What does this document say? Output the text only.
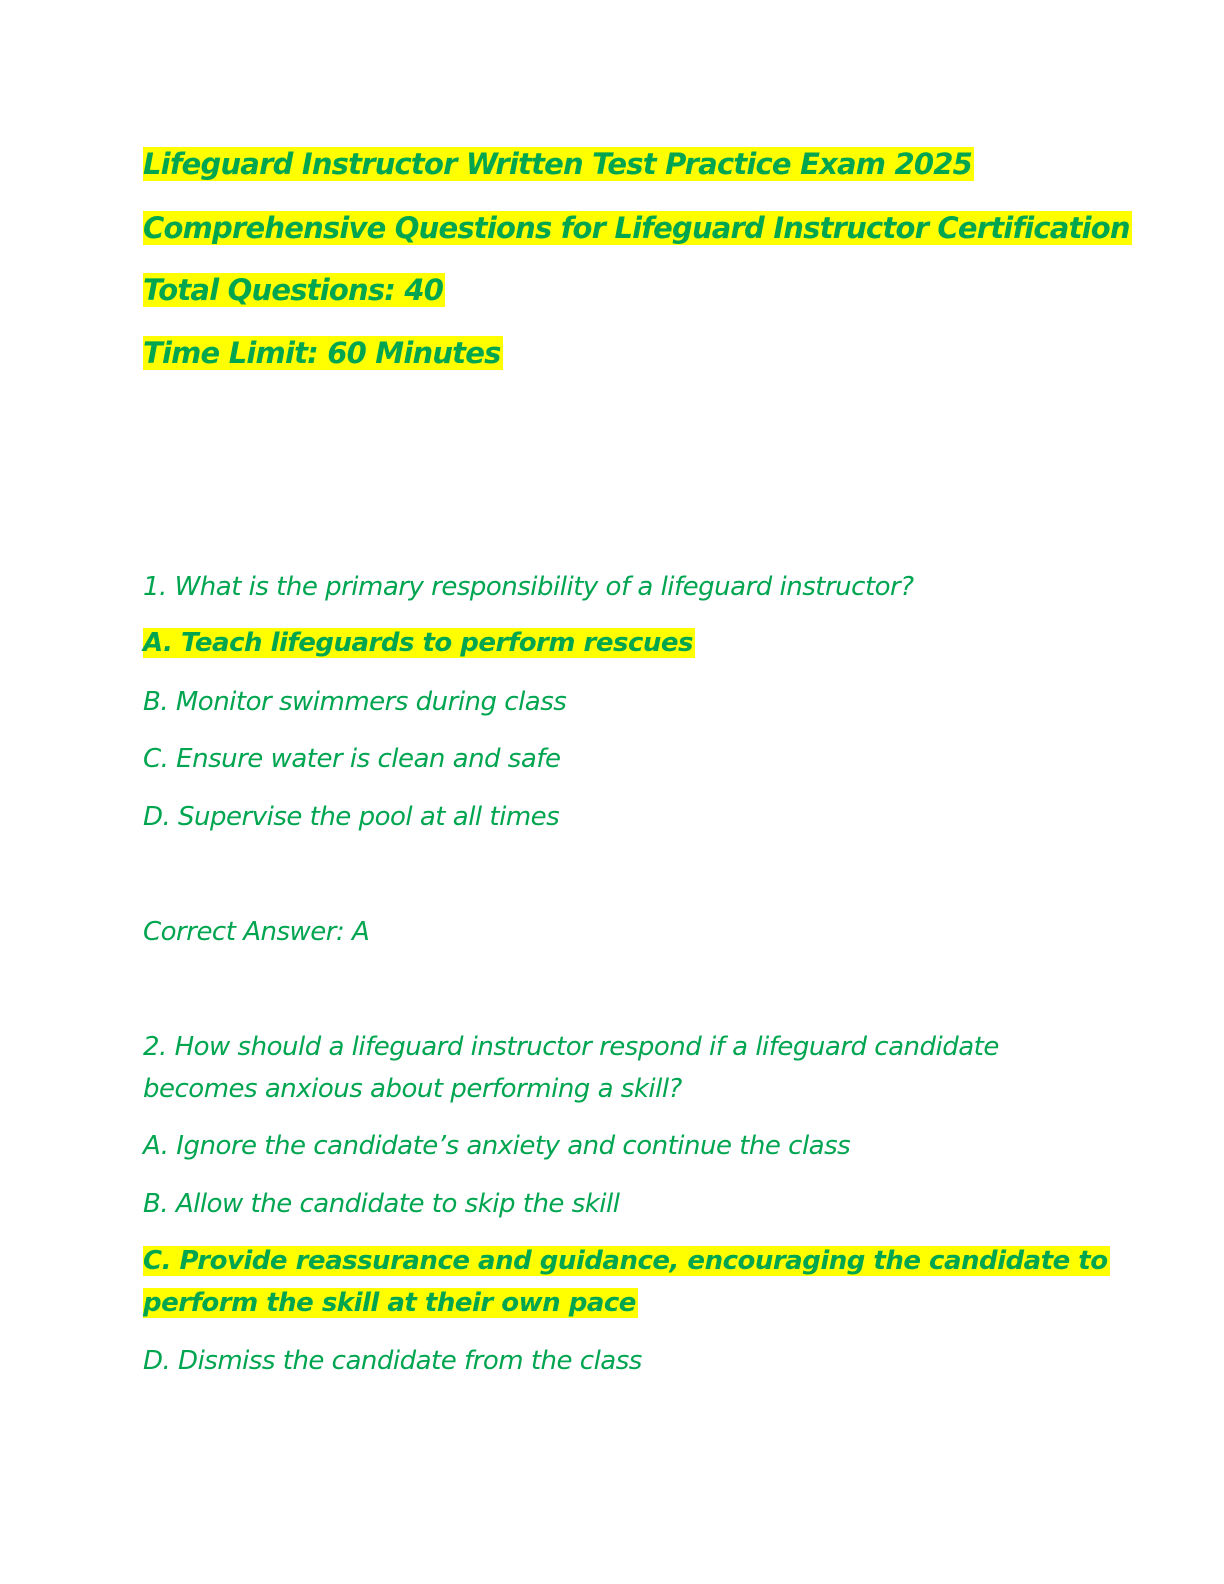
Lifeguard Instructor Written Test Practice Exam 2025

Comprehensive Questions for Lifeguard Instructor Certification

Total Questions: 40

Time Limit: 60 Minutes

1. What is the primary responsibility of a lifeguard instructor?

A. Teach lifeguards to perform rescues

B. Monitor swimmers during class

C. Ensure water is clean and safe

D. Supervise the pool at all times

Correct Answer: A

2. How should a lifeguard instructor respond if a lifeguard candidate

becomes anxious about performing a skill?

A. Ignore the candidate’s anxiety and continue the class

B. Allow the candidate to skip the skill

C. Provide reassurance and guidance, encouraging the candidate to

perform the skill at their own pace

D. Dismiss the candidate from the class
